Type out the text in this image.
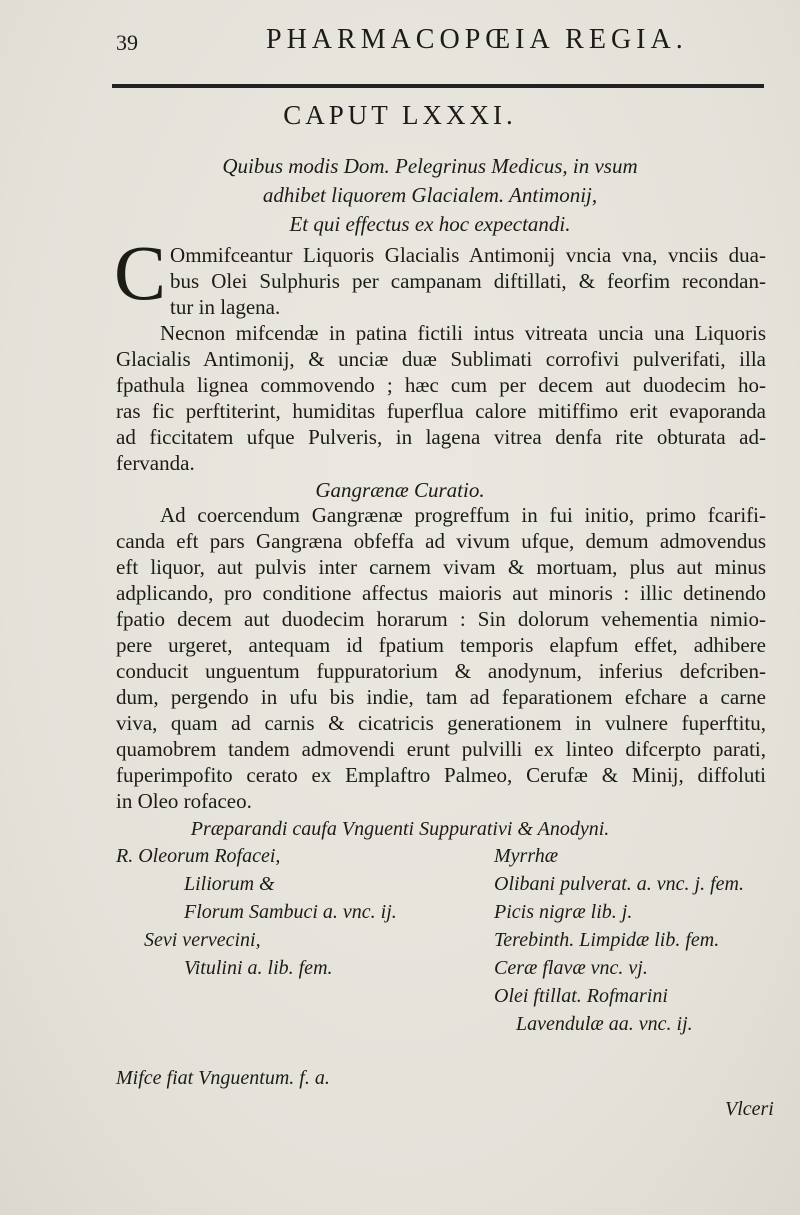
39	PHARMACOPŒIA REGIA.
CAPUT LXXXI.
Quibus modis Dom. Pelegrinus Medicus, in vsum
adhibet liquorem Glacialem. Antimonij,
Et qui effectus ex hoc expectandi.
C Ommifceantur Liquoris Glacialis Antimonij vncia vna, vnciis dua-
bus Olei Sulphuris per campanam diftillati, & feorfim recondan-
tur in lagena.
Necnon mifcendæ in patina fictili intus vitreata uncia una Liquoris
Glacialis Antimonij, & unciæ duæ Sublimati corrofivi pulverifati, illa
fpathula lignea commovendo ; hæc cum per decem aut duodecim ho-
ras fic perftiterint, humiditas fuperflua calore mitiffimo erit evaporanda
ad ficcitatem ufque Pulveris, in lagena vitrea denfa rite obturata ad-
fervanda.
Gangrænæ Curatio.
Ad coercendum Gangrænæ progreffum in fui initio, primo fcarifi-
canda eft pars Gangræna obfeffa ad vivum ufque, demum admovendus
eft liquor, aut pulvis inter carnem vivam & mortuam, plus aut minus
adplicando, pro conditione affectus maioris aut minoris : illic detinendo
fpatio decem aut duodecim horarum : Sin dolorum vehementia nimio-
pere urgeret, antequam id fpatium temporis elapfum effet, adhibere
conducit unguentum fuppuratorium & anodynum, inferius defcriben-
dum, pergendo in ufu bis indie, tam ad feparationem efchare a carne
viva, quam ad carnis & cicatricis generationem in vulnere fuperftitu,
quamobrem tandem admovendi erunt pulvilli ex linteo difcerpto parati,
fuperimpofito cerato ex Emplaftro Palmeo, Cerufæ & Minij, diffoluti
in Oleo rofaceo.
Præparandi caufa Vnguenti Suppurativi & Anodyni.
R. Oleorum Rofacei,
Liliorum &
Florum Sambuci a. vnc. ij.
Sevi vervecini,
Vitulini a. lib. fem.
Myrrhæ
Olibani pulverat. a. vnc. j. fem.
Picis nigræ lib. j.
Terebinth. Limpidæ lib. fem.
Ceræ flavæ vnc. vj.
Olei ftillat. Rofmarini
Lavendulæ aa. vnc. ij.
Mifce fiat Vnguentum. f. a.
Vlceri
